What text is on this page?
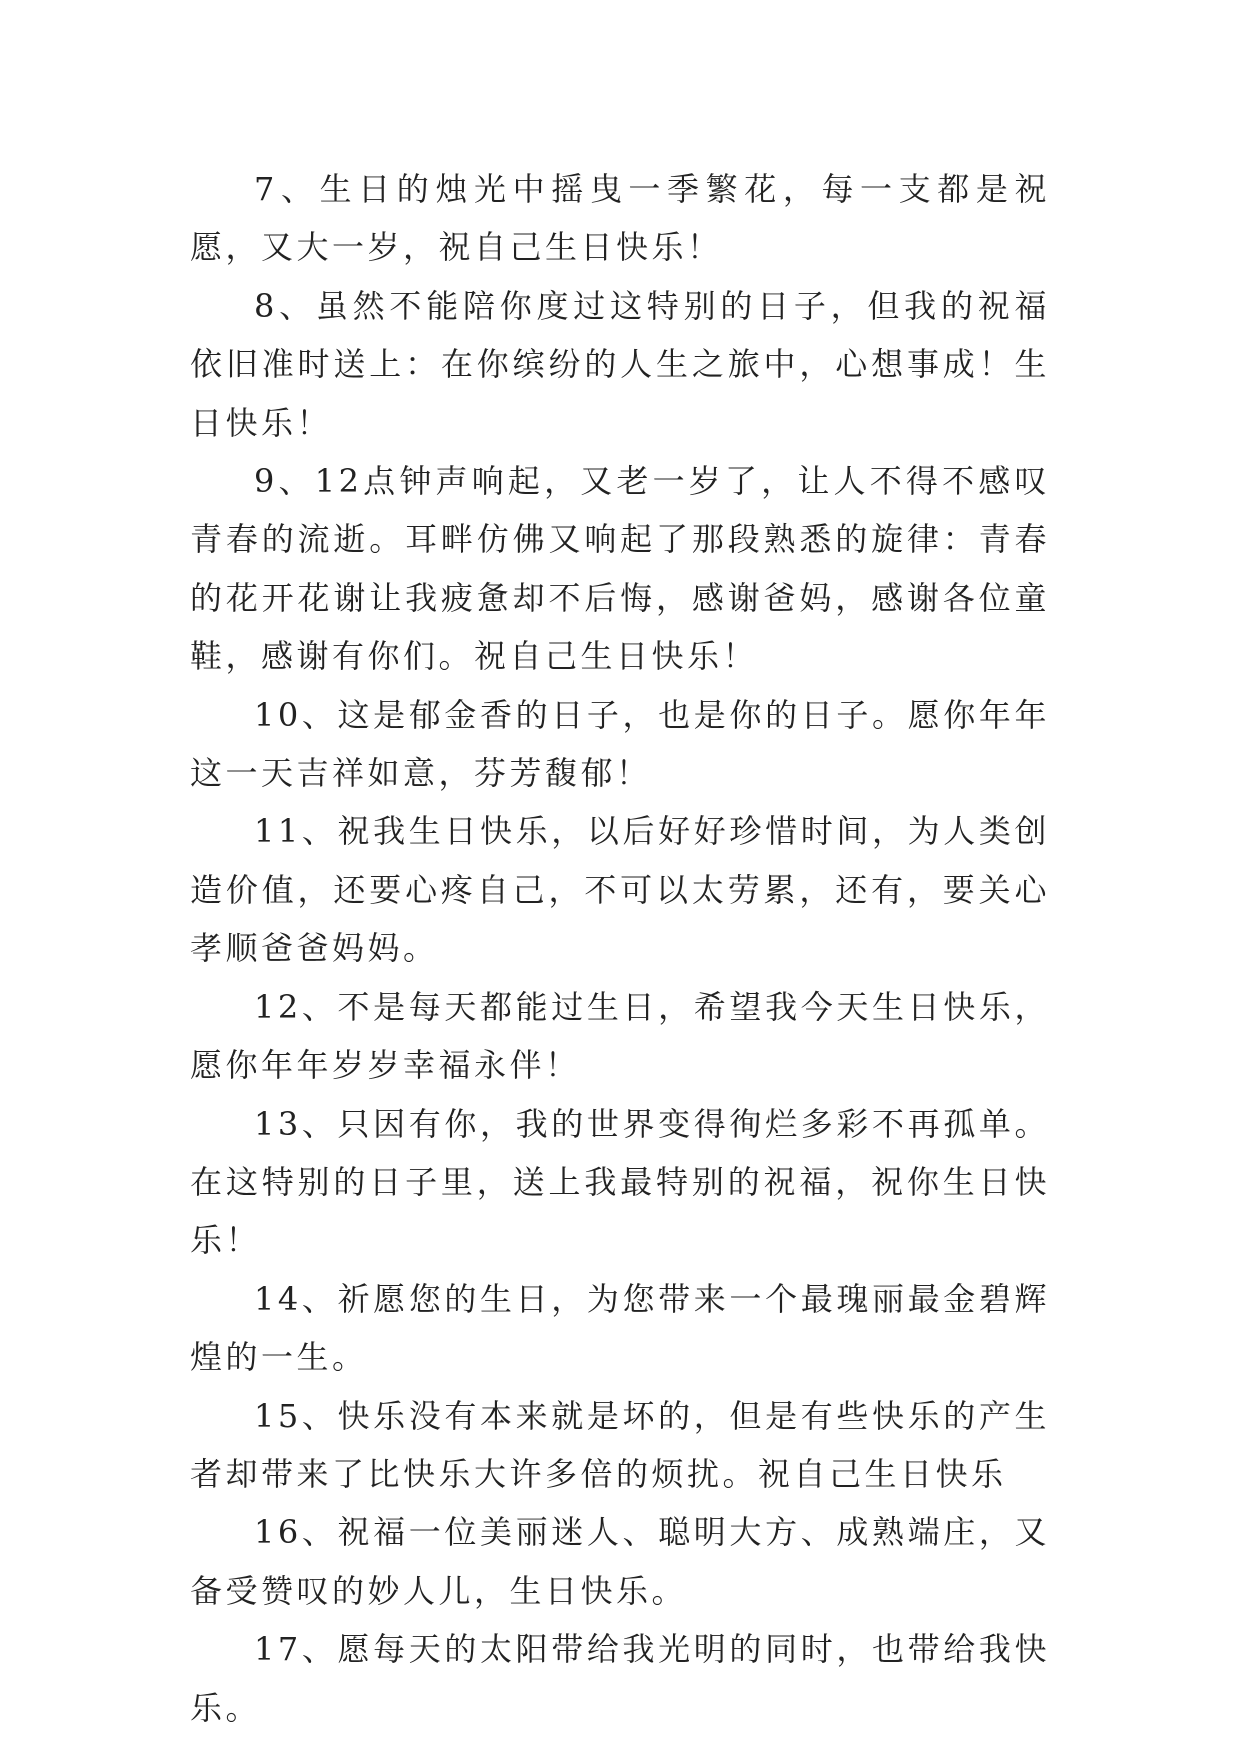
7、生日的烛光中摇曳一季繁花，每一支都是祝愿，又大一岁，祝自己生日快乐！

8、虽然不能陪你度过这特别的日子，但我的祝福依旧准时送上：在你缤纷的人生之旅中，心想事成！生日快乐！

9、12点钟声响起，又老一岁了，让人不得不感叹青春的流逝。耳畔仿佛又响起了那段熟悉的旋律：青春的花开花谢让我疲惫却不后悔，感谢爸妈，感谢各位童鞋，感谢有你们。祝自己生日快乐！

10、这是郁金香的日子，也是你的日子。愿你年年这一天吉祥如意，芬芳馥郁！

11、祝我生日快乐，以后好好珍惜时间，为人类创造价值，还要心疼自己，不可以太劳累，还有，要关心孝顺爸爸妈妈。

12、不是每天都能过生日，希望我今天生日快乐，愿你年年岁岁幸福永伴！

13、只因有你，我的世界变得徇烂多彩不再孤单。在这特别的日子里，送上我最特别的祝福，祝你生日快乐！

14、祈愿您的生日，为您带来一个最瑰丽最金碧辉煌的一生。

15、快乐没有本来就是坏的，但是有些快乐的产生者却带来了比快乐大许多倍的烦扰。祝自己生日快乐

16、祝福一位美丽迷人、聪明大方、成熟端庄，又备受赞叹的妙人儿，生日快乐。

17、愿每天的太阳带给我光明的同时，也带给我快乐。
